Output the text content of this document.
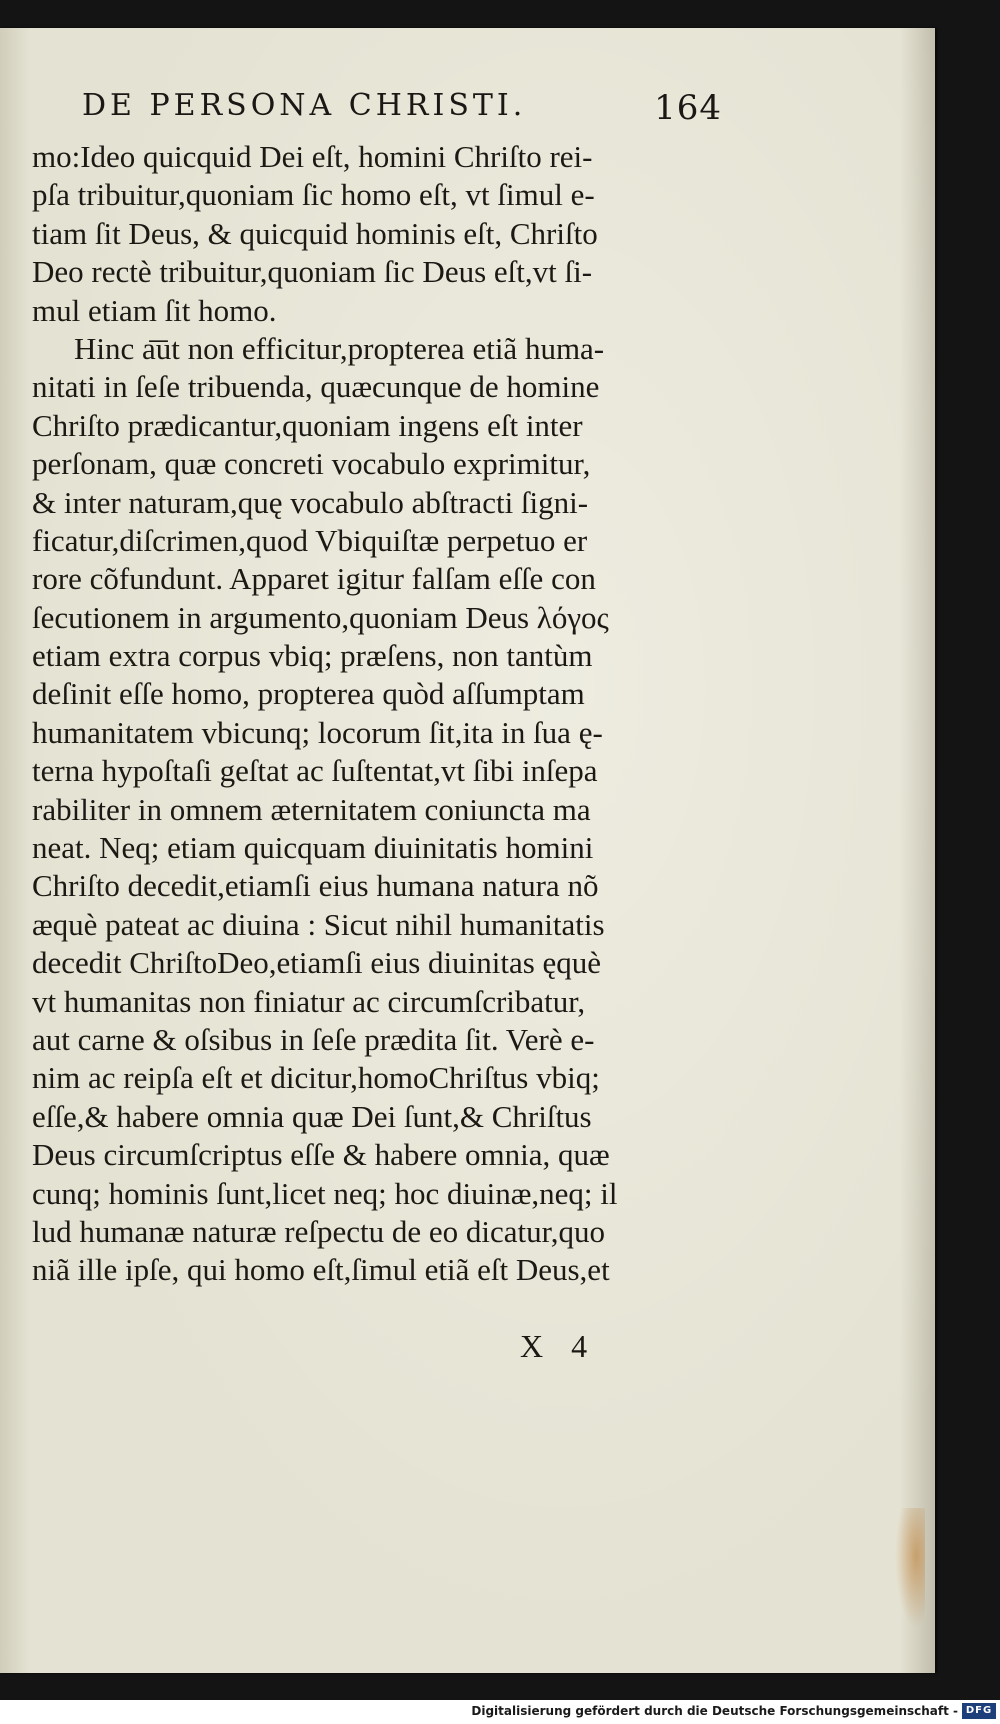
DE PERSONA CHRISTI.	164
mo:Ideo quicquid Dei eſt, homini Chriſto rei-
pſa tribuitur,quoniam ſic homo eſt, vt ſimul e-
tiam ſit Deus, & quicquid hominis eſt, Chriſto
Deo rectè tribuitur,quoniam ſic Deus eſt,vt ſi-
mul etiam ſit homo.
Hinc a͞ut non efficitur,propterea etiã huma-
nitati in ſeſe tribuenda, quæcunque de homine
Chriſto prædicantur,quoniam ingens eſt inter
perſonam, quæ concreti vocabulo exprimitur,
& inter naturam,quę vocabulo abſtracti ſigni-
ficatur,diſcrimen,quod Vbiquiſtæ perpetuo er
rore cõfundunt. Apparet igitur falſam eſſe con
ſecutionem in argumento,quoniam Deus λόγος
etiam extra corpus vbiq; præſens, non tantùm
deſinit eſſe homo, propterea quòd aſſumptam
humanitatem vbicunq; locorum ſit,ita in ſua ę-
terna hypoſtaſi geſtat ac ſuſtentat,vt ſibi inſepa
rabiliter in omnem æternitatem coniuncta ma
neat. Neq; etiam quicquam diuinitatis homini
Chriſto decedit,etiamſi eius humana natura nõ
æquè pateat ac diuina : Sicut nihil humanitatis
decedit ChriſtoDeo,etiamſi eius diuinitas ęquè
vt humanitas non finiatur ac circumſcribatur,
aut carne & oſsibus in ſeſe prædita ſit. Verè e-
nim ac reipſa eſt et dicitur,homoChriſtus vbiq;
eſſe,& habere omnia quæ Dei ſunt,& Chriſtus
Deus circumſcriptus eſſe & habere omnia, quæ
cunq; hominis ſunt,licet neq; hoc diuinæ,neq; il
lud humanæ naturæ reſpectu de eo dicatur,quo
niã ille ipſe, qui homo eſt,ſimul etiã eſt Deus,et
X 4
Digitalisierung gefördert durch die Deutsche Forschungsgemeinschaft - DFG
